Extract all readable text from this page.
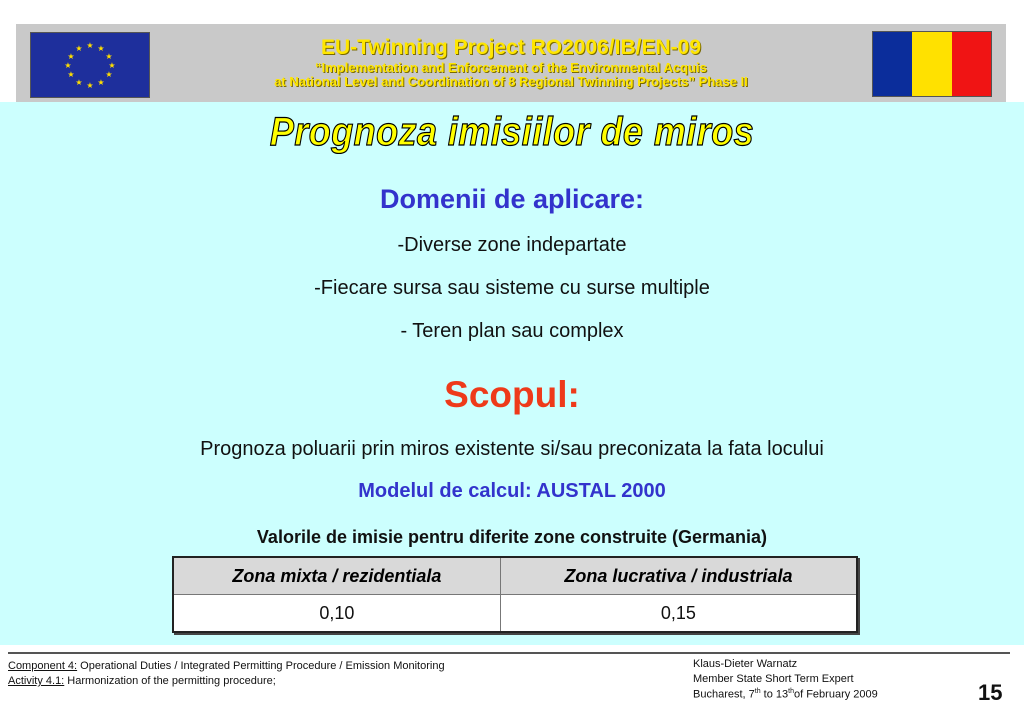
★ ★
★
★
★
★
★
★
★
★
★
★	EU-Twinning Project RO2006/IB/EN-09
“Implementation and Enforcement of the Environmental Acquis
at National Level and Coordination of 8 Regional Twinning Projects” Phase II
Prognoza imisiilor de miros
Domenii de aplicare:
-Diverse zone indepartate
-Fiecare sursa sau sisteme cu surse multiple
- Teren plan sau complex
Scopul:
Prognoza poluarii prin miros existente si/sau preconizata la fata locului
Modelul de calcul: AUSTAL 2000
Valorile de imisie pentru diferite zone construite (Germania)
Zona mixta / rezidentiala	Zona lucrativa / industriala
0,10	0,15
Component 4: Operational Duties / Integrated Permitting Procedure / Emission Monitoring
Activity 4.1: Harmonization of the permitting procedure;
Klaus-Dieter Warnatz
Member State Short Term Expert
Bucharest, 7th to 13thof February 2009	15
